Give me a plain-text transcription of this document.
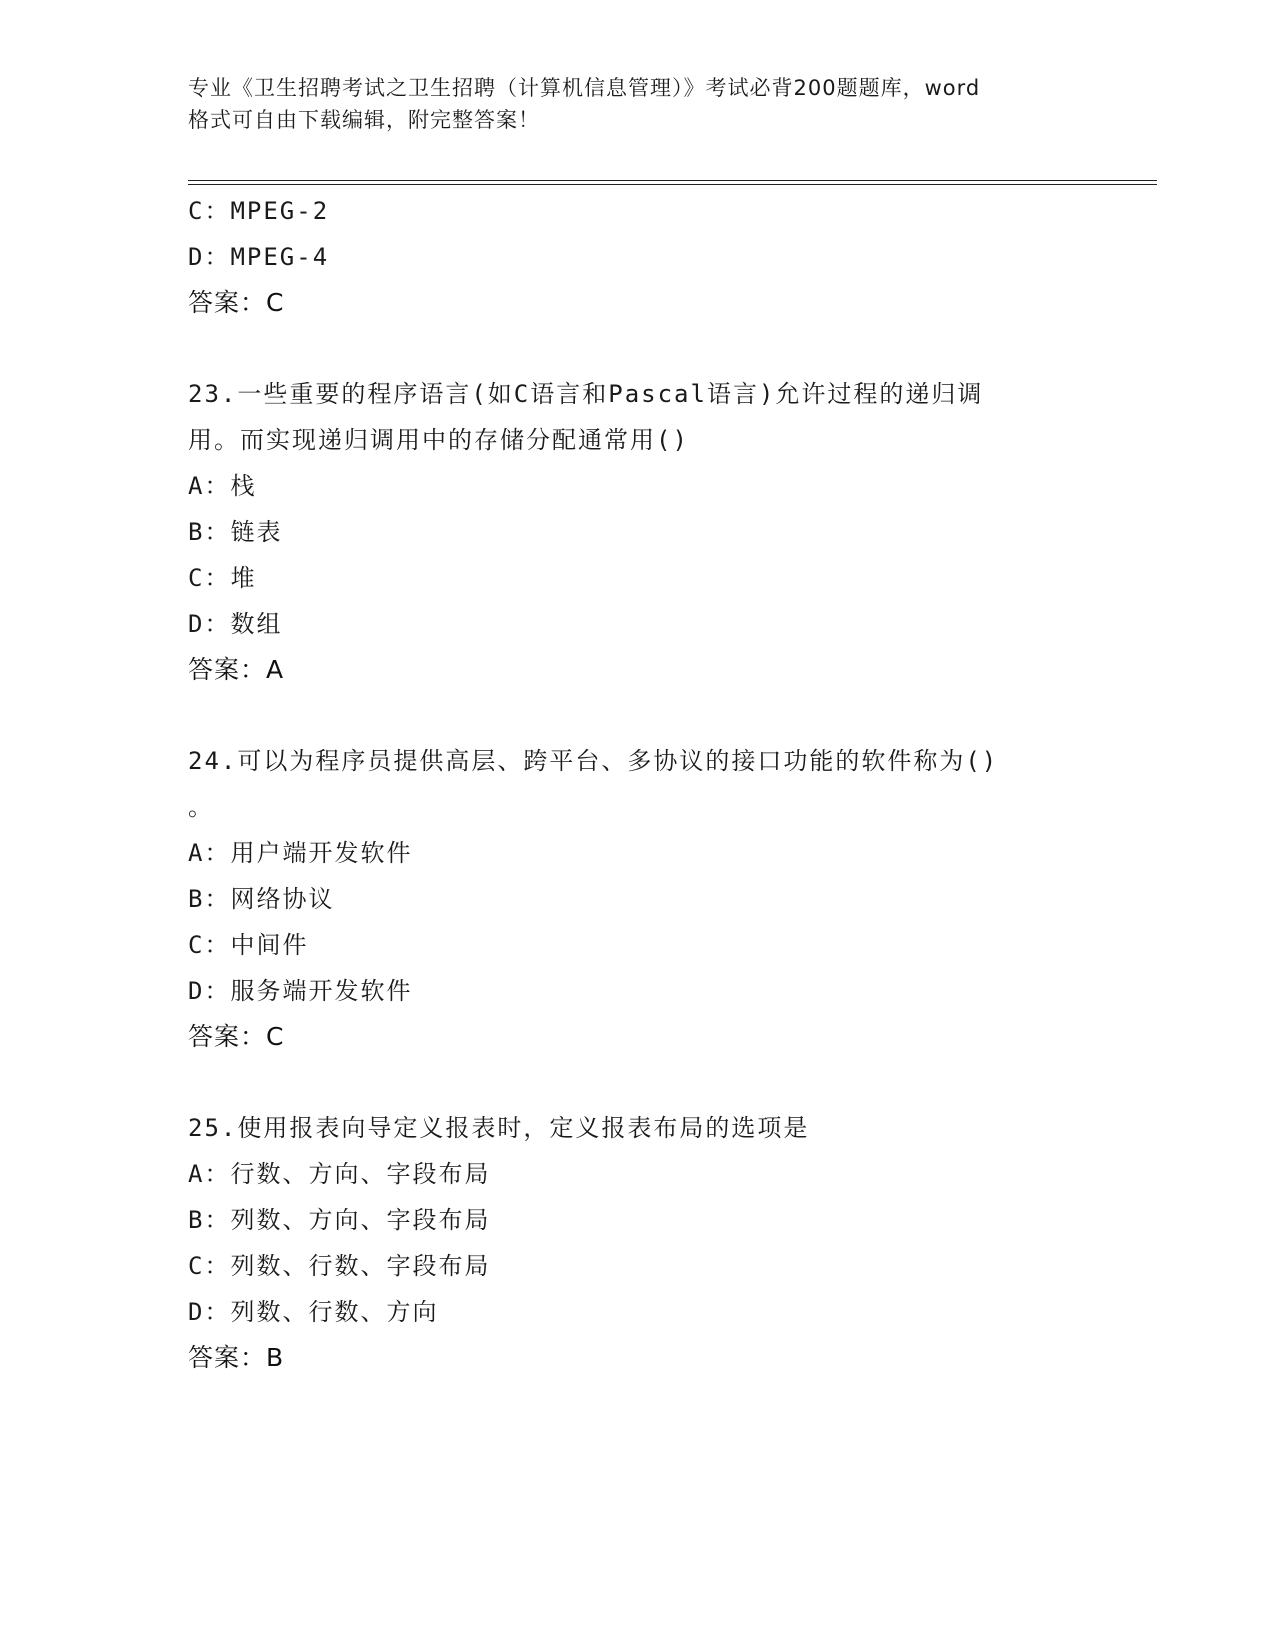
专业《卫生招聘考试之卫生招聘（计算机信息管理）》考试必背200题题库，word
格式可自由下载编辑，附完整答案！
C：MPEG-2
D：MPEG-4
答案：C
23.一些重要的程序语言(如C语言和Pascal语言)允许过程的递归调
用。而实现递归调用中的存储分配通常用()
A：栈
B：链表
C：堆
D：数组
答案：A
24.可以为程序员提供高层、跨平台、多协议的接口功能的软件称为()
。
A：用户端开发软件
B：网络协议
C：中间件
D：服务端开发软件
答案：C
25.使用报表向导定义报表时，定义报表布局的选项是
A：行数、方向、字段布局
B：列数、方向、字段布局
C：列数、行数、字段布局
D：列数、行数、方向
答案：B
